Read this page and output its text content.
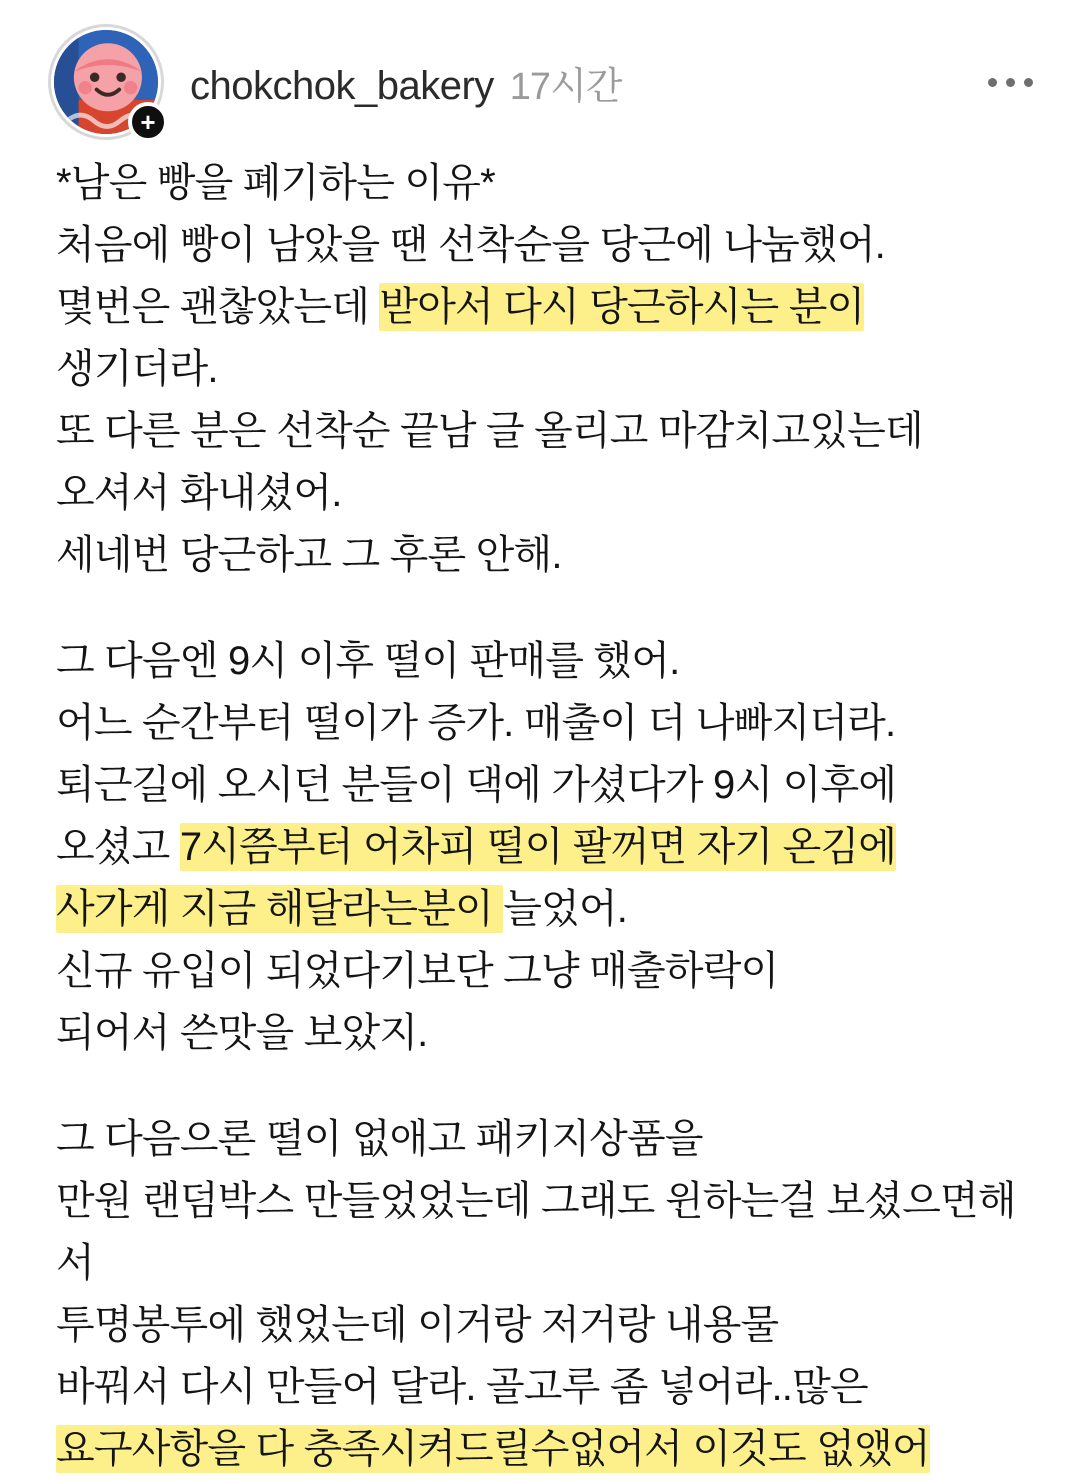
+
chokchok_bakery 17시간

*남은 빵을 폐기하는 이유*
처음에 빵이 남았을 땐 선착순을 당근에 나눔했어.
몇번은 괜찮았는데 받아서 다시 당근하시는 분이
생기더라.
또 다른 분은 선착순 끝남 글 올리고 마감치고있는데
오셔서 화내셨어.
세네번 당근하고 그 후론 안해.

그 다음엔 9시 이후 떨이 판매를 했어.
어느 순간부터 떨이가 증가. 매출이 더 나빠지더라.
퇴근길에 오시던 분들이 댁에 가셨다가 9시 이후에
오셨고 7시쯤부터 어차피 떨이 팔꺼면 자기 온김에
사가게 지금 해달라는분이 늘었어.
신규 유입이 되었다기보단 그냥 매출하락이
되어서 쓴맛을 보았지.

그 다음으론 떨이 없애고 패키지상품을
만원 랜덤박스 만들었었는데 그래도 윈하는걸 보셨으면해서
투명봉투에 했었는데 이거랑 저거랑 내용물
바꿔서 다시 만들어 달라. 골고루 좀 넣어라..많은
요구사항을 다 충족시켜드릴수없어서 이것도 없앴어
